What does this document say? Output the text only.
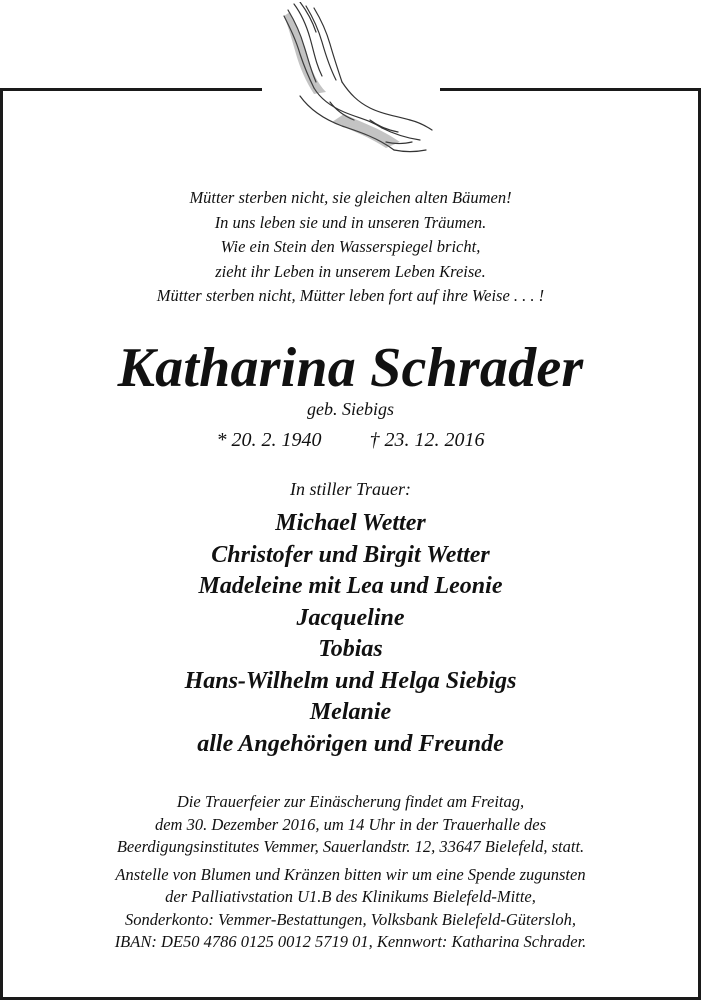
Mütter sterben nicht, sie gleichen alten Bäumen!
In uns leben sie und in unseren Träumen.
Wie ein Stein den Wasserspiegel bricht,
zieht ihr Leben in unserem Leben Kreise.
Mütter sterben nicht, Mütter leben fort auf ihre Weise . . . !
Katharina Schrader
geb. Siebigs
* 20. 2. 1940 † 23. 12. 2016
In stiller Trauer:
Michael Wetter
Christofer und Birgit Wetter
Madeleine mit Lea und Leonie
Jacqueline
Tobias
Hans-Wilhelm und Helga Siebigs
Melanie
alle Angehörigen und Freunde
Die Trauerfeier zur Einäscherung findet am Freitag,
dem 30. Dezember 2016, um 14 Uhr in der Trauerhalle des
Beerdigungsinstitutes Vemmer, Sauerlandstr. 12, 33647 Bielefeld, statt.
Anstelle von Blumen und Kränzen bitten wir um eine Spende zugunsten
der Palliativstation U1.B des Klinikums Bielefeld-Mitte,
Sonderkonto: Vemmer-Bestattungen, Volksbank Bielefeld-Gütersloh,
IBAN: DE50 4786 0125 0012 5719 01, Kennwort: Katharina Schrader.
